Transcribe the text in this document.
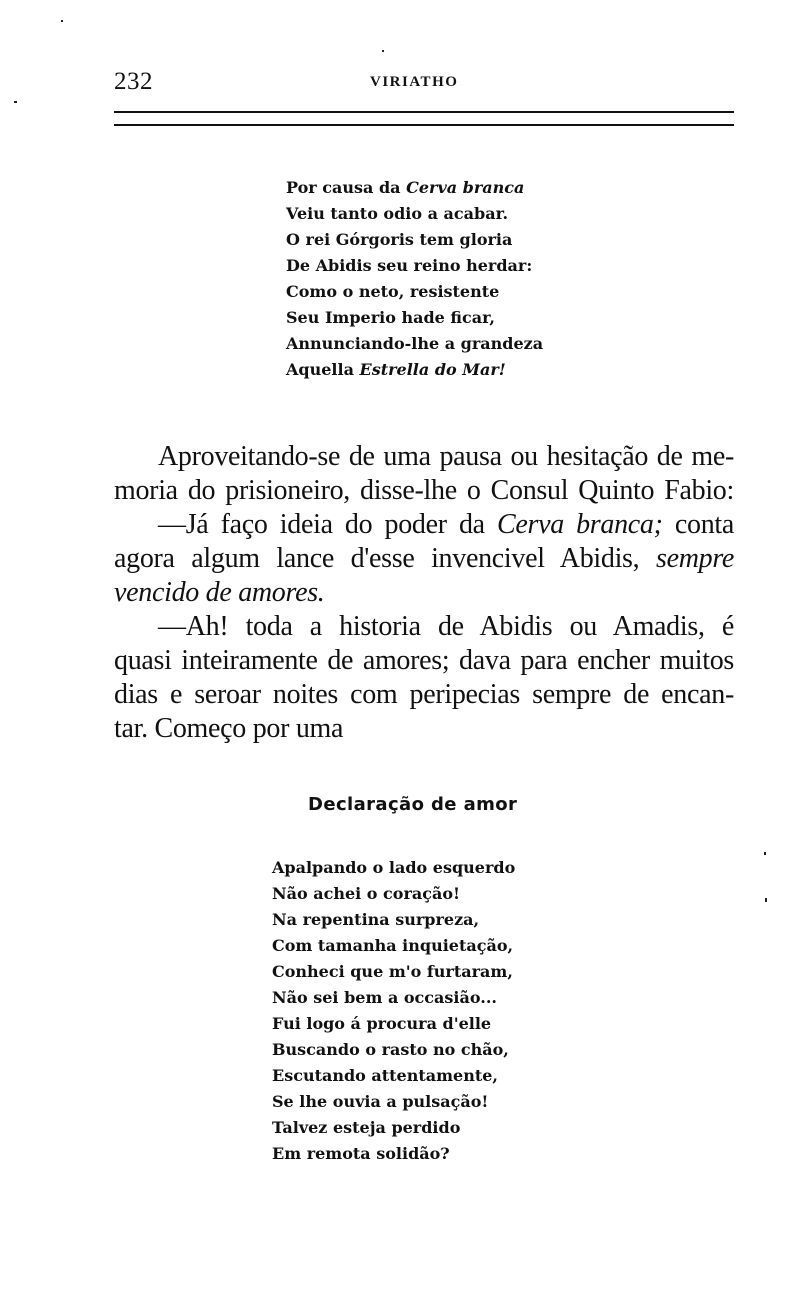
232	VIRIATHO
Por causa da Cerva branca
Veiu tanto odio a acabar.
O rei Górgoris tem gloria
De Abidis seu reino herdar:
Como o neto, resistente
Seu Imperio hade ficar,
Annunciando-lhe a grandeza
Aquella Estrella do Mar!
Aproveitando-se de uma pausa ou hesitação de me-
moria do prisioneiro, disse-lhe o Consul Quinto Fabio:
—Já faço ideia do poder da Cerva branca; conta
agora algum lance d'esse invencivel Abidis, sempre
vencido de amores.
—Ah! toda a historia de Abidis ou Amadis, é
quasi inteiramente de amores; dava para encher muitos
dias e seroar noites com peripecias sempre de encan-
tar. Começo por uma
Declaração de amor
Apalpando o lado esquerdo
Não achei o coração!
Na repentina surpreza,
Com tamanha inquietação,
Conheci que m'o furtaram,
Não sei bem a occasião...
Fui logo á procura d'elle
Buscando o rasto no chão,
Escutando attentamente,
Se lhe ouvia a pulsação!
Talvez esteja perdido
Em remota solidão?
